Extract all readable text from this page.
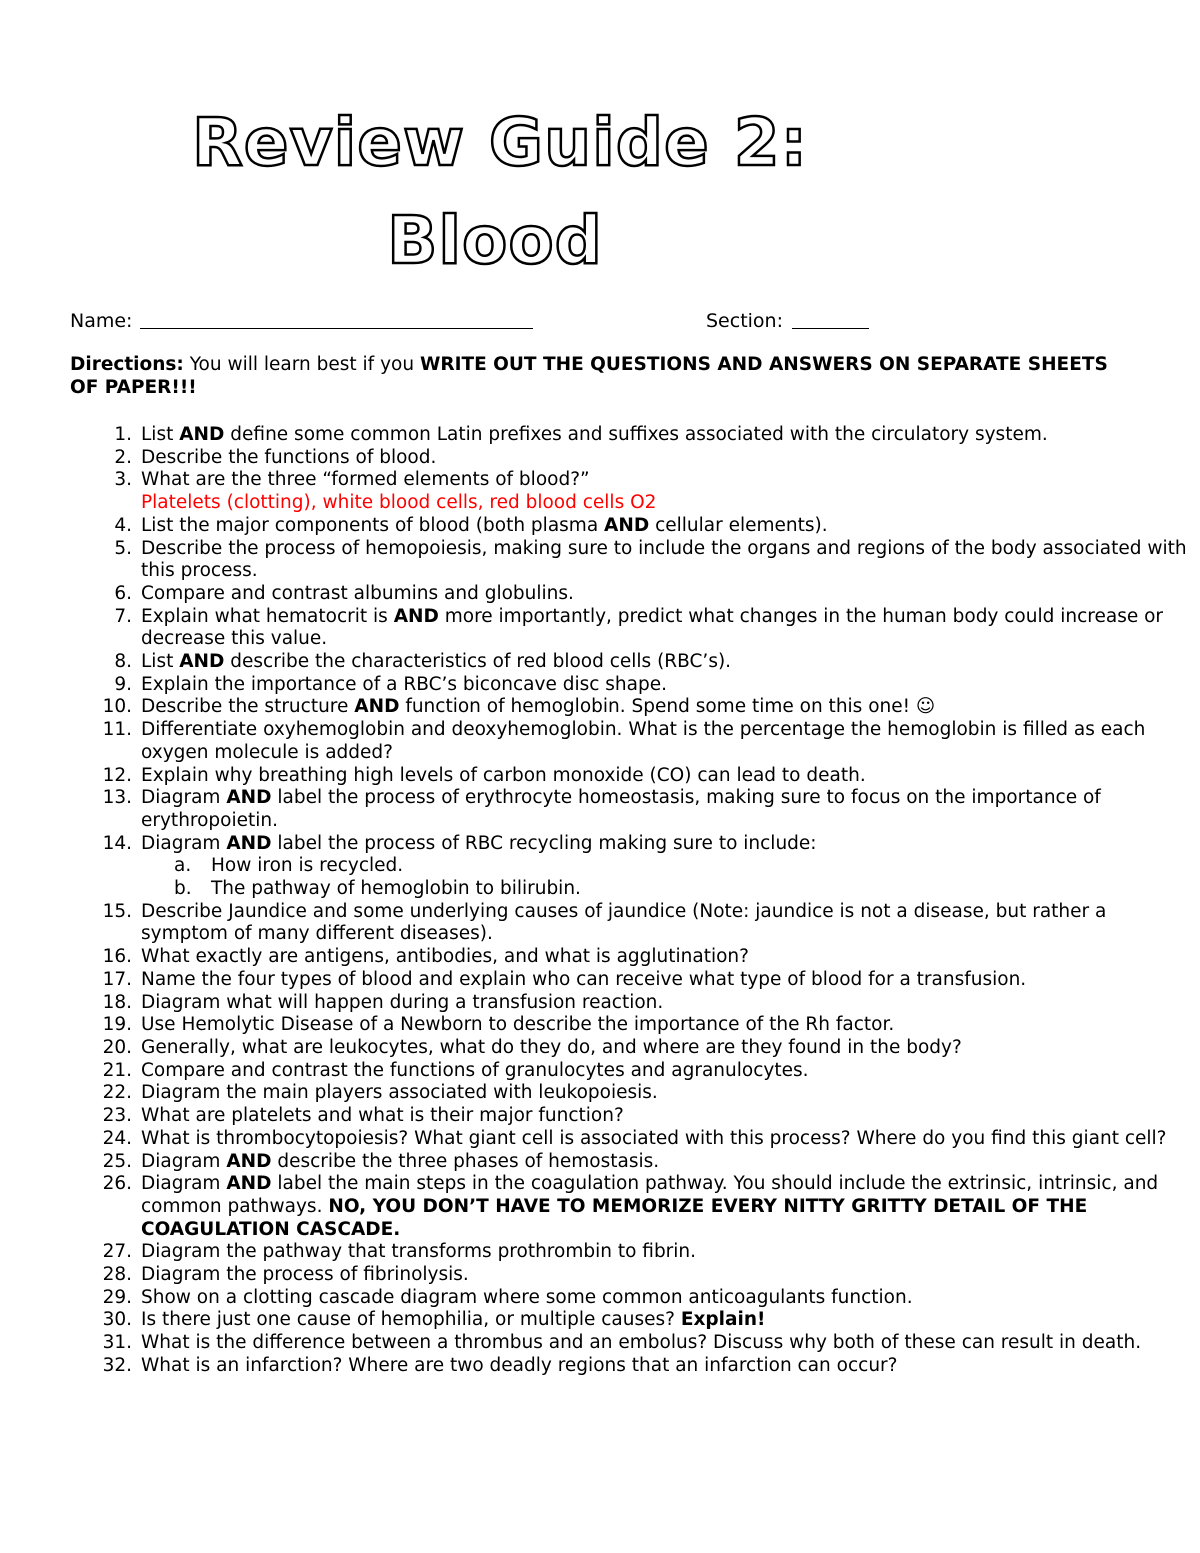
Review Guide 2:
Blood
Name:	Section:
Directions: You will learn best if you WRITE OUT THE QUESTIONS AND ANSWERS ON SEPARATE SHEETS OF PAPER!!!
1. List AND define some common Latin prefixes and suffixes associated with the circulatory system.
2. Describe the functions of blood.
3. What are the three “formed elements of blood?”
Platelets (clotting), white blood cells, red blood cells O2
4. List the major components of blood (both plasma AND cellular elements).
5. Describe the process of hemopoiesis, making sure to include the organs and regions of the body associated with this process.
6. Compare and contrast albumins and globulins.
7. Explain what hematocrit is AND more importantly, predict what changes in the human body could increase or decrease this value.
8. List AND describe the characteristics of red blood cells (RBC’s).
9. Explain the importance of a RBC’s biconcave disc shape.
10. Describe the structure AND function of hemoglobin. Spend some time on this one! ☺
11. Differentiate oxyhemoglobin and deoxyhemoglobin. What is the percentage the hemoglobin is filled as each oxygen molecule is added?
12. Explain why breathing high levels of carbon monoxide (CO) can lead to death.
13. Diagram AND label the process of erythrocyte homeostasis, making sure to focus on the importance of erythropoietin.
14. Diagram AND label the process of RBC recycling making sure to include:
a. How iron is recycled.
b. The pathway of hemoglobin to bilirubin.
15. Describe Jaundice and some underlying causes of jaundice (Note: jaundice is not a disease, but rather a symptom of many different diseases).
16. What exactly are antigens, antibodies, and what is agglutination?
17. Name the four types of blood and explain who can receive what type of blood for a transfusion.
18. Diagram what will happen during a transfusion reaction.
19. Use Hemolytic Disease of a Newborn to describe the importance of the Rh factor.
20. Generally, what are leukocytes, what do they do, and where are they found in the body?
21. Compare and contrast the functions of granulocytes and agranulocytes.
22. Diagram the main players associated with leukopoiesis.
23. What are platelets and what is their major function?
24. What is thrombocytopoiesis? What giant cell is associated with this process? Where do you find this giant cell?
25. Diagram AND describe the three phases of hemostasis.
26. Diagram AND label the main steps in the coagulation pathway. You should include the extrinsic, intrinsic, and common pathways. NO, YOU DON’T HAVE TO MEMORIZE EVERY NITTY GRITTY DETAIL OF THE COAGULATION CASCADE.
27. Diagram the pathway that transforms prothrombin to fibrin.
28. Diagram the process of fibrinolysis.
29. Show on a clotting cascade diagram where some common anticoagulants function.
30. Is there just one cause of hemophilia, or multiple causes? Explain!
31. What is the difference between a thrombus and an embolus? Discuss why both of these can result in death.
32. What is an infarction? Where are two deadly regions that an infarction can occur?
